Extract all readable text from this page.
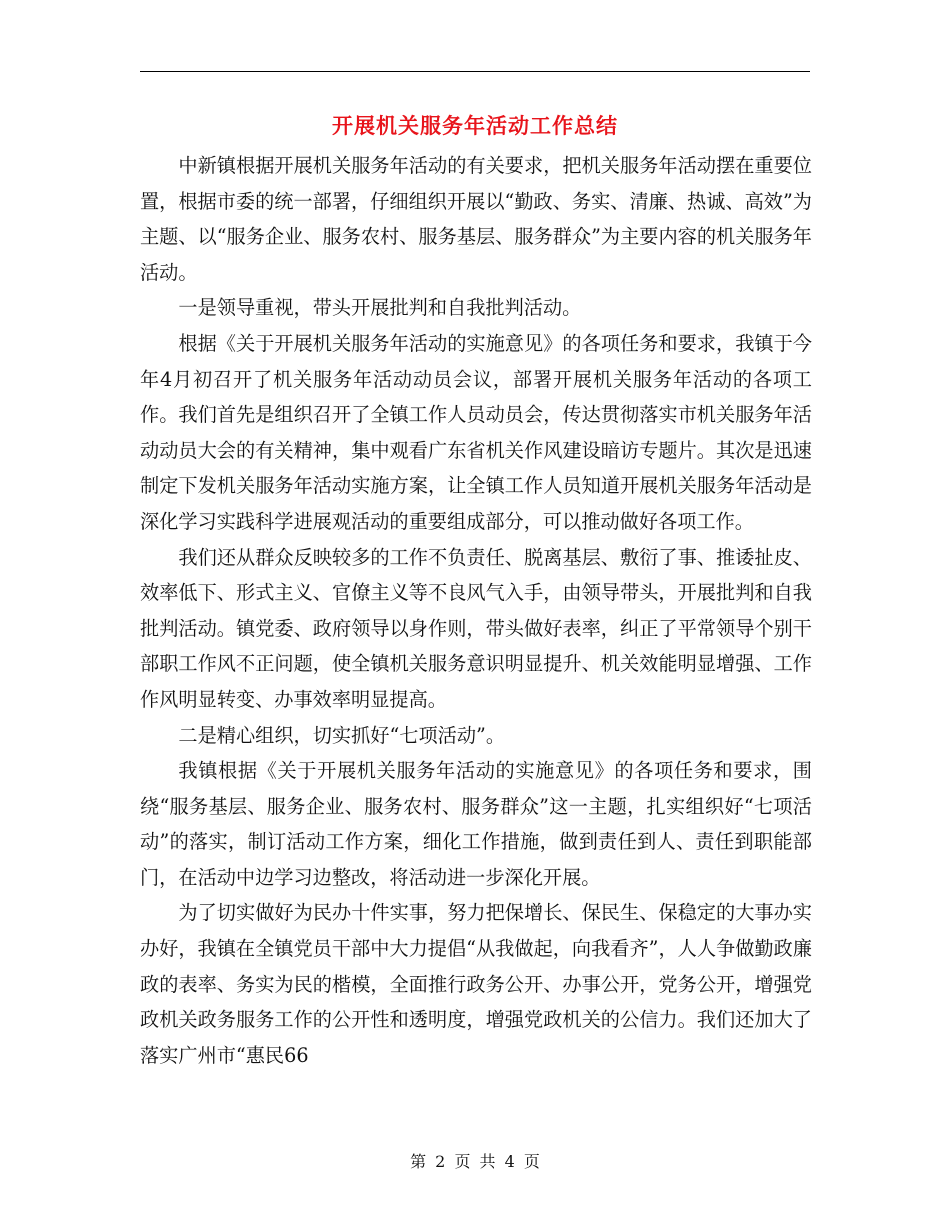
开展机关服务年活动工作总结

中新镇根据开展机关服务年活动的有关要求，把机关服务年活动摆在重要位置，根据市委的统一部署，仔细组织开展以“勤政、务实、清廉、热诚、高效”为主题、以“服务企业、服务农村、服务基层、服务群众”为主要内容的机关服务年活动。

一是领导重视，带头开展批判和自我批判活动。

根据《关于开展机关服务年活动的实施意见》的各项任务和要求，我镇于今年4月初召开了机关服务年活动动员会议，部署开展机关服务年活动的各项工作。我们首先是组织召开了全镇工作人员动员会，传达贯彻落实市机关服务年活动动员大会的有关精神，集中观看广东省机关作风建设暗访专题片。其次是迅速制定下发机关服务年活动实施方案，让全镇工作人员知道开展机关服务年活动是深化学习实践科学进展观活动的重要组成部分，可以推动做好各项工作。

我们还从群众反映较多的工作不负责任、脱离基层、敷衍了事、推诿扯皮、效率低下、形式主义、官僚主义等不良风气入手，由领导带头，开展批判和自我批判活动。镇党委、政府领导以身作则，带头做好表率，纠正了平常领导个别干部职工作风不正问题，使全镇机关服务意识明显提升、机关效能明显增强、工作作风明显转变、办事效率明显提高。

二是精心组织，切实抓好“七项活动”。

我镇根据《关于开展机关服务年活动的实施意见》的各项任务和要求，围绕“服务基层、服务企业、服务农村、服务群众”这一主题，扎实组织好“七项活动”的落实，制订活动工作方案，细化工作措施，做到责任到人、责任到职能部门，在活动中边学习边整改，将活动进一步深化开展。

为了切实做好为民办十件实事，努力把保增长、保民生、保稳定的大事办实办好，我镇在全镇党员干部中大力提倡“从我做起，向我看齐”，人人争做勤政廉政的表率、务实为民的楷模，全面推行政务公开、办事公开，党务公开，增强党政机关政务服务工作的公开性和透明度，增强党政机关的公信力。我们还加大了落实广州市“惠民66

第 2 页 共 4 页
